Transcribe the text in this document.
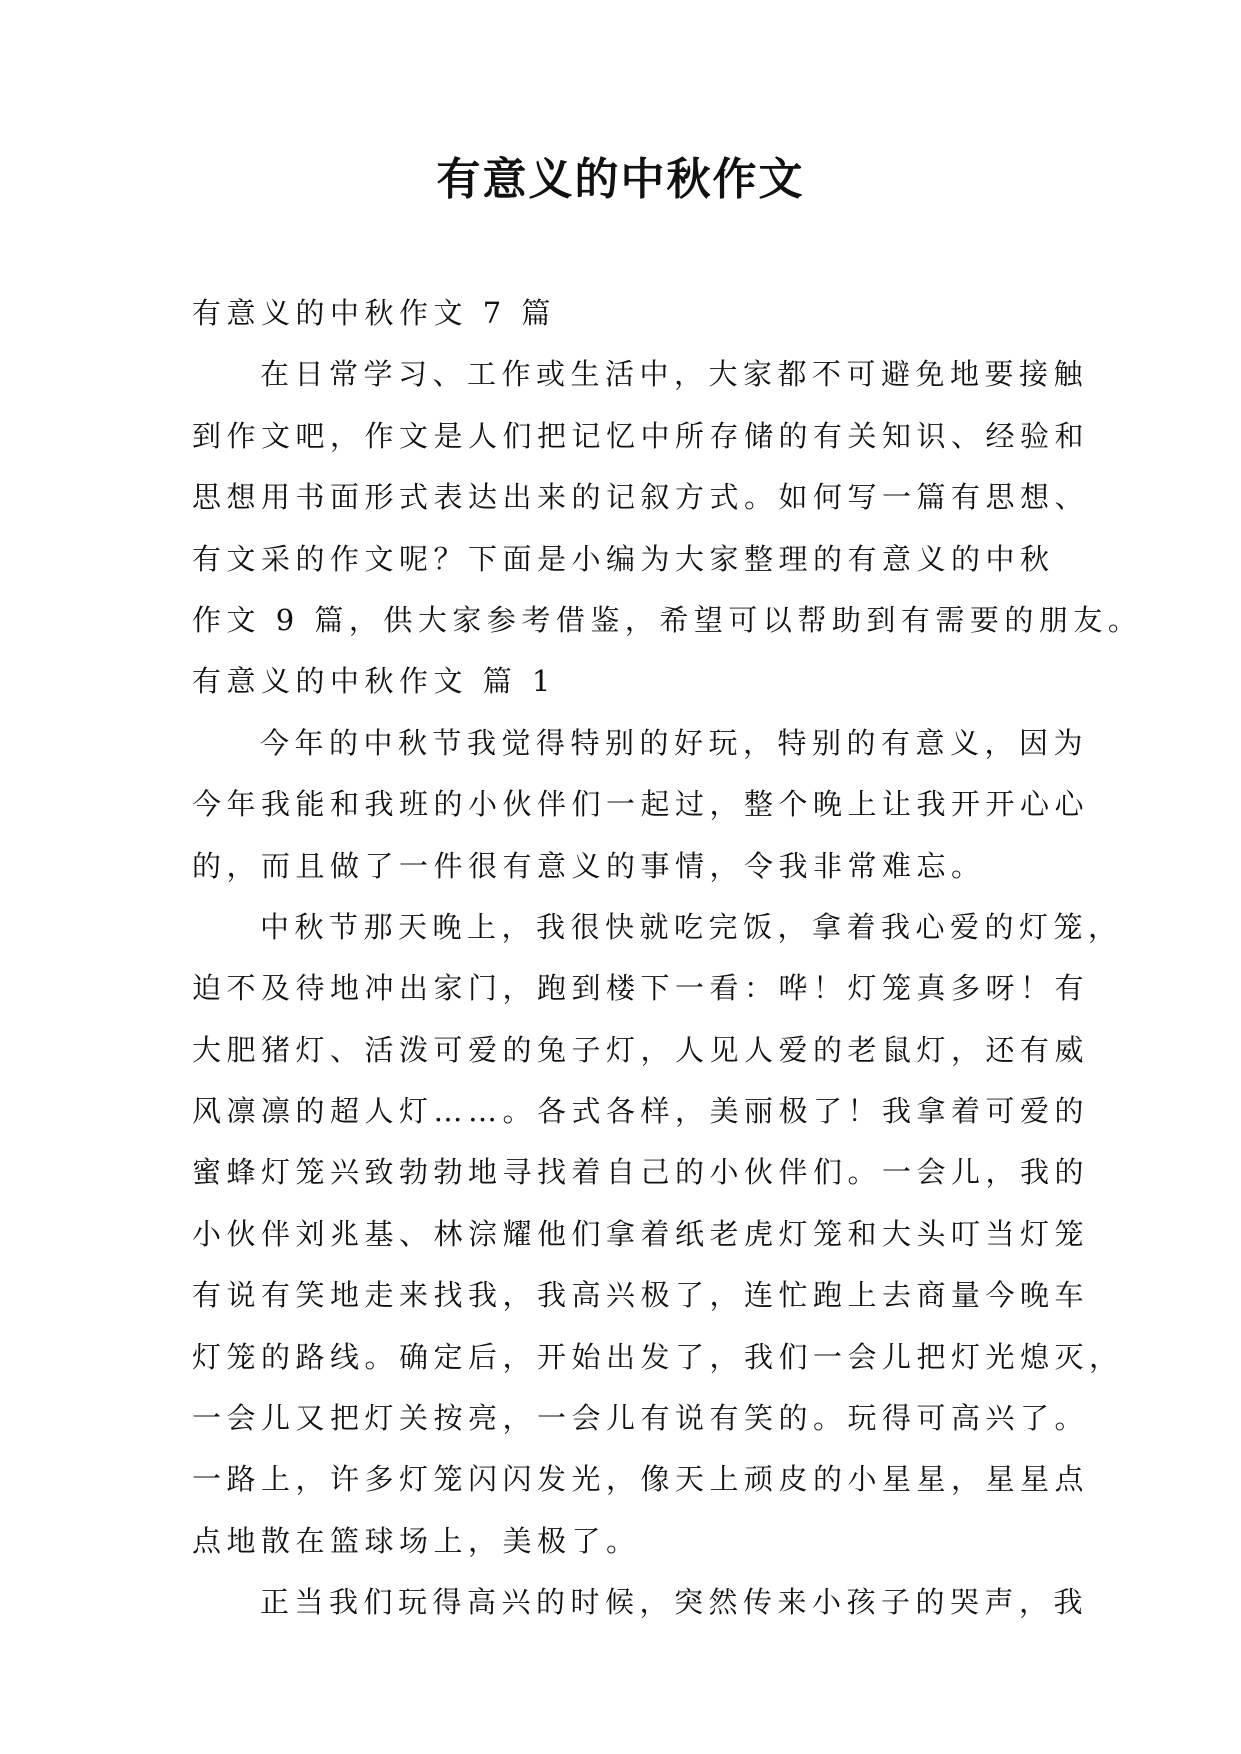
有意义的中秋作文
有意义的中秋作文 7 篇
在日常学习、工作或生活中，大家都不可避免地要接触
到作文吧，作文是人们把记忆中所存储的有关知识、经验和
思想用书面形式表达出来的记叙方式。如何写一篇有思想、
有文采的作文呢？下面是小编为大家整理的有意义的中秋
作文 9 篇，供大家参考借鉴，希望可以帮助到有需要的朋友。
有意义的中秋作文 篇 1
今年的中秋节我觉得特别的好玩，特别的有意义，因为
今年我能和我班的小伙伴们一起过，整个晚上让我开开心心
的，而且做了一件很有意义的事情，令我非常难忘。
中秋节那天晚上，我很快就吃完饭，拿着我心爱的灯笼，
迫不及待地冲出家门，跑到楼下一看：哗！灯笼真多呀！有
大肥猪灯、活泼可爱的兔子灯，人见人爱的老鼠灯，还有威
风凛凛的超人灯……。各式各样，美丽极了！我拿着可爱的
蜜蜂灯笼兴致勃勃地寻找着自己的小伙伴们。一会儿，我的
小伙伴刘兆基、林淙耀他们拿着纸老虎灯笼和大头叮当灯笼
有说有笑地走来找我，我高兴极了，连忙跑上去商量今晚车
灯笼的路线。确定后，开始出发了，我们一会儿把灯光熄灭，
一会儿又把灯关按亮，一会儿有说有笑的。玩得可高兴了。
一路上，许多灯笼闪闪发光，像天上顽皮的小星星，星星点
点地散在篮球场上，美极了。
正当我们玩得高兴的时候，突然传来小孩子的哭声，我
